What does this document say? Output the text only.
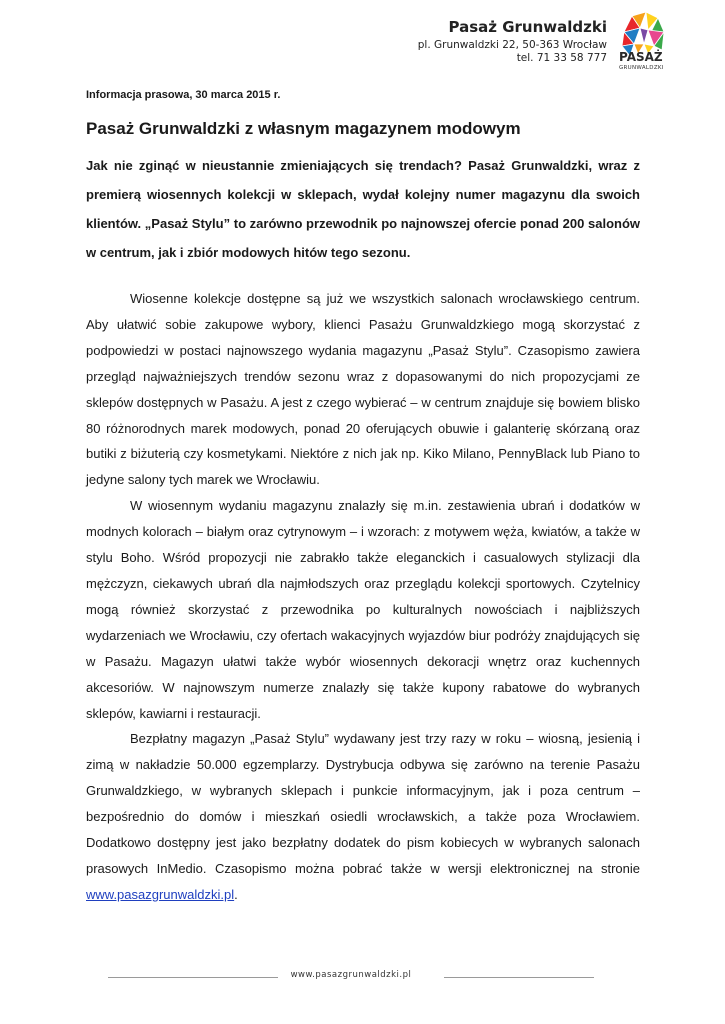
Pasaż Grunwaldzki
pl. Grunwaldzki 22, 50-363 Wrocław
tel. 71 33 58 777 PASAŻ
GRUNWALDZKI
Informacja prasowa, 30 marca 2015 r.
Pasaż Grunwaldzki z własnym magazynem modowym
Jak nie zginąć w nieustannie zmieniających się trendach? Pasaż Grunwaldzki, wraz z premierą wiosennych kolekcji w sklepach, wydał kolejny numer magazynu dla swoich klientów. „Pasaż Stylu” to zarówno przewodnik po najnowszej ofercie ponad 200 salonów w centrum, jak i zbiór modowych hitów tego sezonu.

Wiosenne kolekcje dostępne są już we wszystkich salonach wrocławskiego centrum. Aby ułatwić sobie zakupowe wybory, klienci Pasażu Grunwaldzkiego mogą skorzystać z podpowiedzi w postaci najnowszego wydania magazynu „Pasaż Stylu”. Czasopismo zawiera przegląd najważniejszych trendów sezonu wraz z dopasowanymi do nich propozycjami ze sklepów dostępnych w Pasażu. A jest z czego wybierać – w centrum znajduje się bowiem blisko 80 różnorodnych marek modowych, ponad 20 oferujących obuwie i galanterię skórzaną oraz butiki z biżuterią czy kosmetykami. Niektóre z nich jak np. Kiko Milano, PennyBlack lub Piano to jedyne salony tych marek we Wrocławiu.

W wiosennym wydaniu magazynu znalazły się m.in. zestawienia ubrań i dodatków w modnych kolorach – białym oraz cytrynowym – i wzorach: z motywem węża, kwiatów, a także w stylu Boho. Wśród propozycji nie zabrakło także eleganckich i casualowych stylizacji dla mężczyzn, ciekawych ubrań dla najmłodszych oraz przeglądu kolekcji sportowych. Czytelnicy mogą również skorzystać z przewodnika po kulturalnych nowościach i najbliższych wydarzeniach we Wrocławiu, czy ofertach wakacyjnych wyjazdów biur podróży znajdujących się w Pasażu. Magazyn ułatwi także wybór wiosennych dekoracji wnętrz oraz kuchennych akcesoriów. W najnowszym numerze znalazły się także kupony rabatowe do wybranych sklepów, kawiarni i restauracji.

Bezpłatny magazyn „Pasaż Stylu” wydawany jest trzy razy w roku – wiosną, jesienią i zimą w nakładzie 50.000 egzemplarzy. Dystrybucja odbywa się zarówno na terenie Pasażu Grunwaldzkiego, w wybranych sklepach i punkcie informacyjnym, jak i poza centrum – bezpośrednio do domów i mieszkań osiedli wrocławskich, a także poza Wrocławiem. Dodatkowo dostępny jest jako bezpłatny dodatek do pism kobiecych w wybranych salonach prasowych InMedio. Czasopismo można pobrać także w wersji elektronicznej na stronie www.pasazgrunwaldzki.pl.

www.pasazgrunwaldzki.pl
